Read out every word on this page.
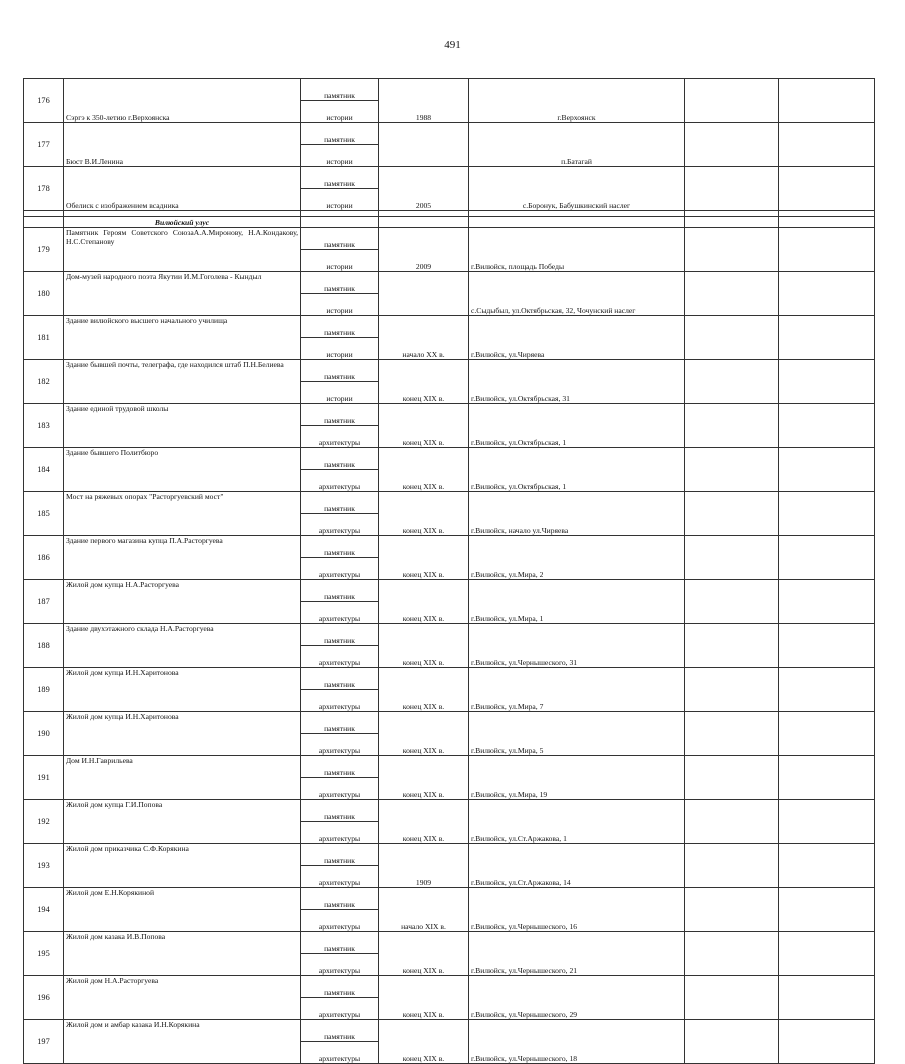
491
176	Сэргэ к 350-летию г.Верхоянска	памятник	1988	г.Верхоянск		
		истории				
177	Бюст В.И.Ленина	памятник		п.Батагай		
		истории				
178	Обелиск с изображением всадника	памятник	2005	с.Боронук, Бабушкинский наслег		
		истории				

	Вилюйский улус					
179	Памятник Героям Советского СоюзаА.А.Миронову, Н.А.Кондакову, Н.С.Степанову	памятник	2009	г.Вилюйск, площадь Победы		
		истории				
180	Дом-музей народного поэта Якутии И.М.Гоголева - Кындыл	памятник		с.Сыдыбыл, ул.Октябрьская, 32, Чочунский наслег		
		истории				
181	Здание вилюйского высшего начального училища	памятник	начало XX в.	г.Вилюйск, ул.Чиряева		
		истории				
182	Здание бывшей почты, телеграфа, где находился штаб П.Н.Белиева	памятник	конец XIX в.	г.Вилюйск, ул.Октябрьская, 31		
		истории				
183	Здание единой трудовой школы	памятник	конец XIX в.	г.Вилюйск, ул.Октябрьская, 1		
		архитектуры				
184	Здание бывшего Политбюро	памятник	конец XIX в.	г.Вилюйск, ул.Октябрьская, 1		
		архитектуры				
185	Мост на ряжевых опорах "Расторгуевский мост"	памятник	конец XIX в.	г.Вилюйск, начало ул.Чиряева		
		архитектуры				
186	Здание первого магазина купца П.А.Расторгуева	памятник	конец XIX в.	г.Вилюйск, ул.Мира, 2		
		архитектуры				
187	Жилой дом купца Н.А.Расторгуева	памятник	конец XIX в.	г.Вилюйск, ул.Мира, 1		
		архитектуры				
188	Здание двухэтажного склада Н.А.Расторгуева	памятник	конец XIX в.	г.Вилюйск, ул.Чернышеского, 31		
		архитектуры				
189	Жилой дом купца И.Н.Харитонова	памятник	конец XIX в.	г.Вилюйск, ул.Мира, 7		
		архитектуры				
190	Жилой дом купца И.Н.Харитонова	памятник	конец XIX в.	г.Вилюйск, ул.Мира, 5		
		архитектуры				
191	Дом И.Н.Гаврильева	памятник	конец XIX в.	г.Вилюйск, ул.Мира, 19		
		архитектуры				
192	Жилой дом купца Г.И.Попова	памятник	конец XIX в.	г.Вилюйск, ул.Ст.Аржакова, 1		
		архитектуры				
193	Жилой дом приказчика С.Ф.Корякина	памятник	1909	г.Вилюйск, ул.Ст.Аржакова, 14		
		архитектуры				
194	Жилой дом Е.Н.Корякиной	памятник	начало XIX в.	г.Вилюйск, ул.Чернышеского, 16		
		архитектуры				
195	Жилой дом казака И.В.Попова	памятник	конец XIX в.	г.Вилюйск, ул.Чернышеского, 21		
		архитектуры				
196	Жилой дом Н.А.Расторгуева	памятник	конец XIX в.	г.Вилюйск, ул.Чернышеского, 29		
		архитектуры				
197	Жилой дом и амбар казака И.Н.Корякина	памятник	конец XIX в.	г.Вилюйск, ул.Чернышеского, 18		
		архитектуры				
